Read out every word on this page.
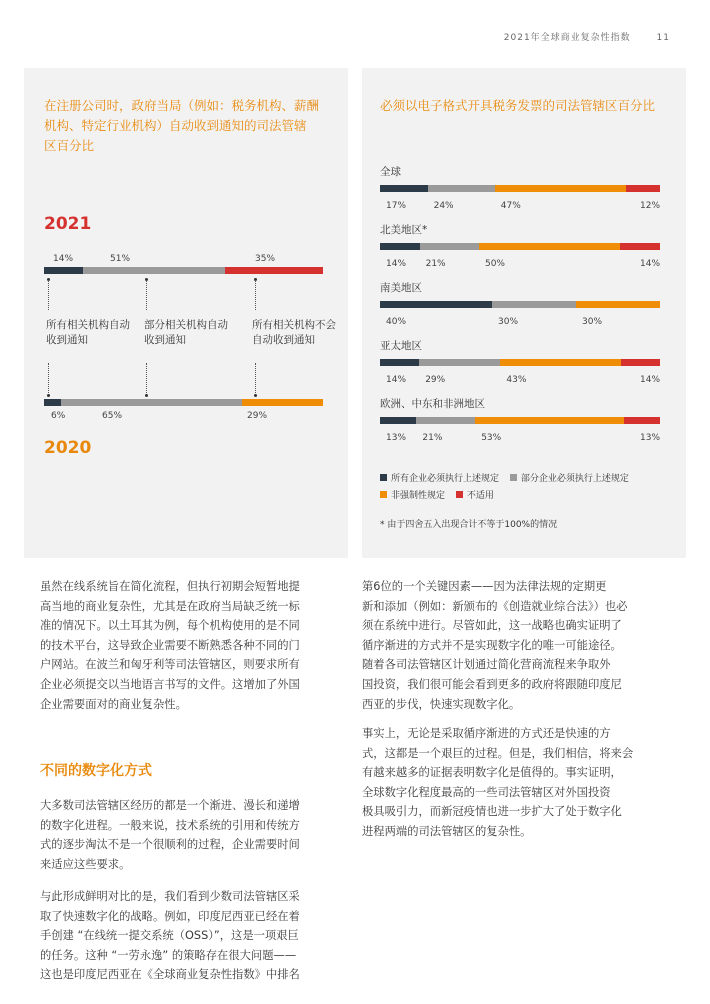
2021年全球商业复杂性指数	11
在注册公司时，政府当局（例如：税务机构、薪酬
机构、特定行业机构）自动收到通知的司法管辖
区百分比
2021
14%	51%	35%
所有相关机构自动
收到通知
部分相关机构自动
收到通知
所有相关机构不会
自动收到通知
6%	65%	29%
2020
必须以电子格式开具税务发票的司法管辖区百分比
全球
17%	24%	47%	12%
北美地区*
14% 21%	50%	14%
南美地区
40%	30%	30%
亚太地区
14% 29%	43%	14%
欧洲、中东和非洲地区
13% 21%	53%	13%
所有企业必须执行上述规定 部分企业必须执行上述规定
非强制性规定 不适用
* 由于四舍五入出现合计不等于100%的情况
虽然在线系统旨在简化流程，但执行初期会短暂地提
高当地的商业复杂性，尤其是在政府当局缺乏统一标
准的情况下。以土耳其为例，每个机构使用的是不同
的技术平台，这导致企业需要不断熟悉各种不同的门
户网站。在波兰和匈牙利等司法管辖区，则要求所有
企业必须提交以当地语言书写的文件。这增加了外国
企业需要面对的商业复杂性。
不同的数字化方式
大多数司法管辖区经历的都是一个渐进、漫长和递增
的数字化进程。一般来说，技术系统的引用和传统方
式的逐步淘汰不是一个很顺利的过程，企业需要时间
来适应这些要求。
与此形成鲜明对比的是，我们看到少数司法管辖区采
取了快速数字化的战略。例如，印度尼西亚已经在着
手创建 “在线统一提交系统（OSS）”，这是一项艰巨
的任务。这种 “一劳永逸” 的策略存在很大问题——
这也是印度尼西亚在《全球商业复杂性指数》中排名
第6位的一个关键因素——因为法律法规的定期更
新和添加（例如：新颁布的《创造就业综合法》）也必
须在系统中进行。尽管如此，这一战略也确实证明了
循序渐进的方式并不是实现数字化的唯一可能途径。
随着各司法管辖区计划通过简化营商流程来争取外
国投资，我们很可能会看到更多的政府将跟随印度尼
西亚的步伐，快速实现数字化。
事实上，无论是采取循序渐进的方式还是快速的方
式，这都是一个艰巨的过程。但是，我们相信，将来会
有越来越多的证据表明数字化是值得的。事实证明，
全球数字化程度最高的一些司法管辖区对外国投资
极具吸引力，而新冠疫情也进一步扩大了处于数字化
进程两端的司法管辖区的复杂性。
